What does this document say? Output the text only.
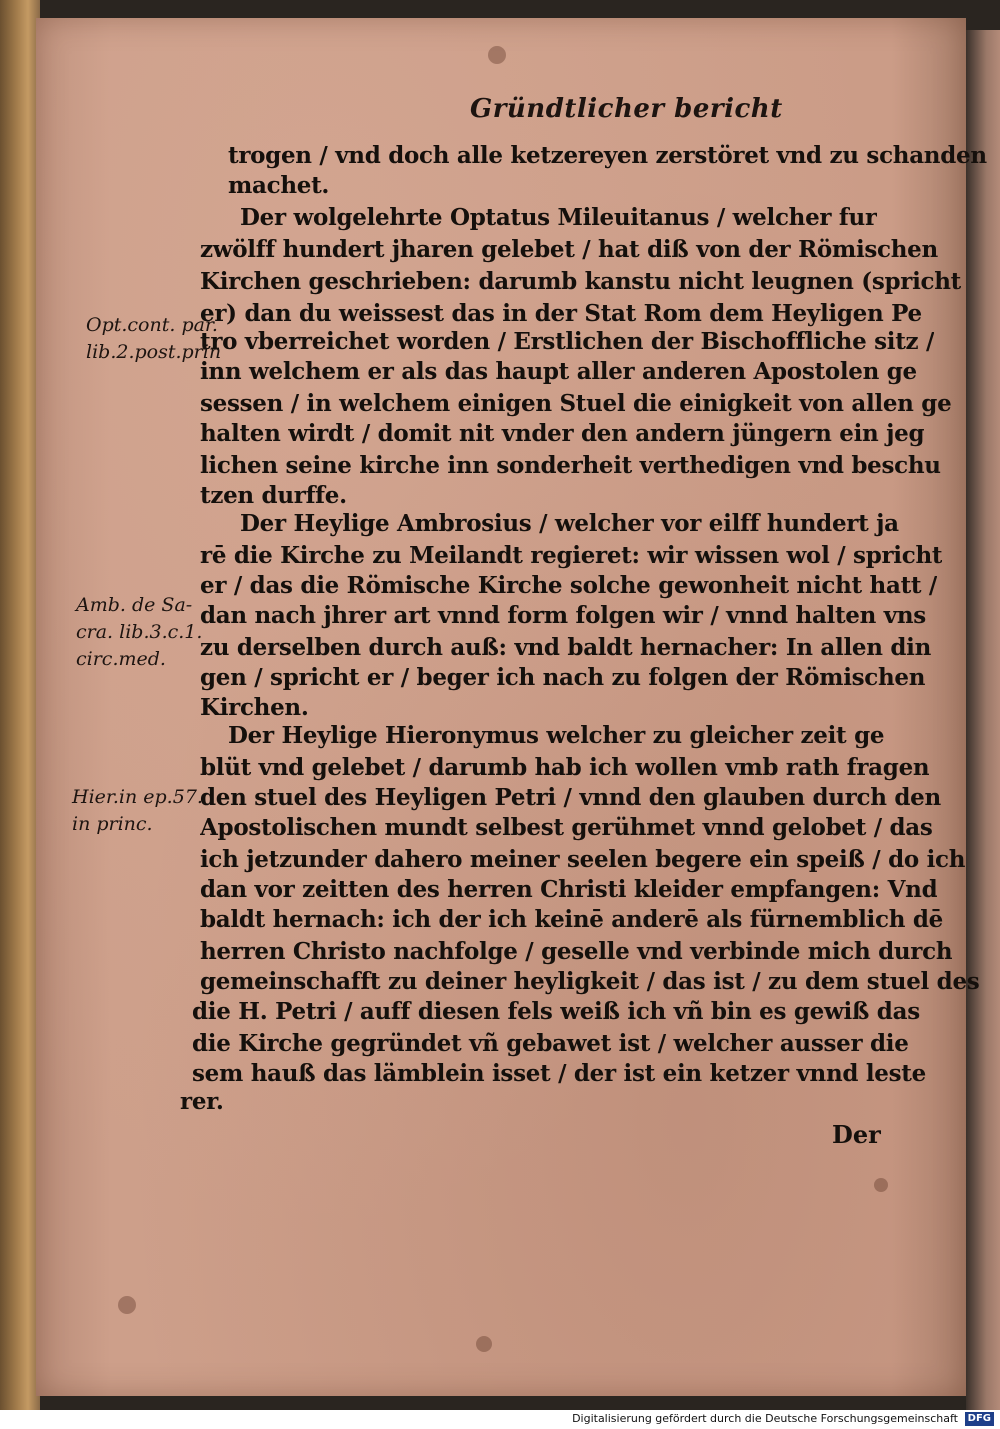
Gründtlicher bericht
trogen / vnd doch alle ketzereyen zerstöret vnd zu schanden
machet.
Der wolgelehrte Optatus Mileuitanus / welcher fur
zwölff hundert jharen gelebet / hat diß von der Römischen
Kirchen geschrieben: darumb kanstu nicht leugnen (spricht
er) dan du weissest das in der Stat Rom dem Heyligen Pe
tro vberreichet worden / Erstlichen der Bischoffliche sitz /
inn welchem er als das haupt aller anderen Apostolen ge
sessen / in welchem einigen Stuel die einigkeit von allen ge
halten wirdt / domit nit vnder den andern jüngern ein jeg
lichen seine kirche inn sonderheit verthedigen vnd beschu
tzen durffe.
Der Heylige Ambrosius / welcher vor eilff hundert ja
rē die Kirche zu Meilandt regieret: wir wissen wol / spricht
er / das die Römische Kirche solche gewonheit nicht hatt /
dan nach jhrer art vnnd form folgen wir / vnnd halten vns
zu derselben durch auß: vnd baldt hernacher: In allen din
gen / spricht er / beger ich nach zu folgen der Römischen
Kirchen.
Der Heylige Hieronymus welcher zu gleicher zeit ge
blüt vnd gelebet / darumb hab ich wollen vmb rath fragen
den stuel des Heyligen Petri / vnnd den glauben durch den
Apostolischen mundt selbest gerühmet vnnd gelobet / das
ich jetzunder dahero meiner seelen begere ein speiß / do ich
dan vor zeitten des herren Christi kleider empfangen: Vnd
baldt hernach: ich der ich keinē anderē als fürnemblich dē
herren Christo nachfolge / geselle vnd verbinde mich durch
gemeinschafft zu deiner heyligkeit / das ist / zu dem stuel des
die H. Petri / auff diesen fels weiß ich vñ bin es gewiß das
die Kirche gegründet vñ gebawet ist / welcher ausser die
sem hauß das lämblein isset / der ist ein ketzer vnnd leste
rer.
Opt.cont. par.
lib.2.post.prin
Amb. de Sa-
cra. lib.3.c.1.
circ.med.
Hier.in ep.57.
in princ.
Der
Digitalisierung gefördert durch die Deutsche Forschungsgemeinschaft DFG
